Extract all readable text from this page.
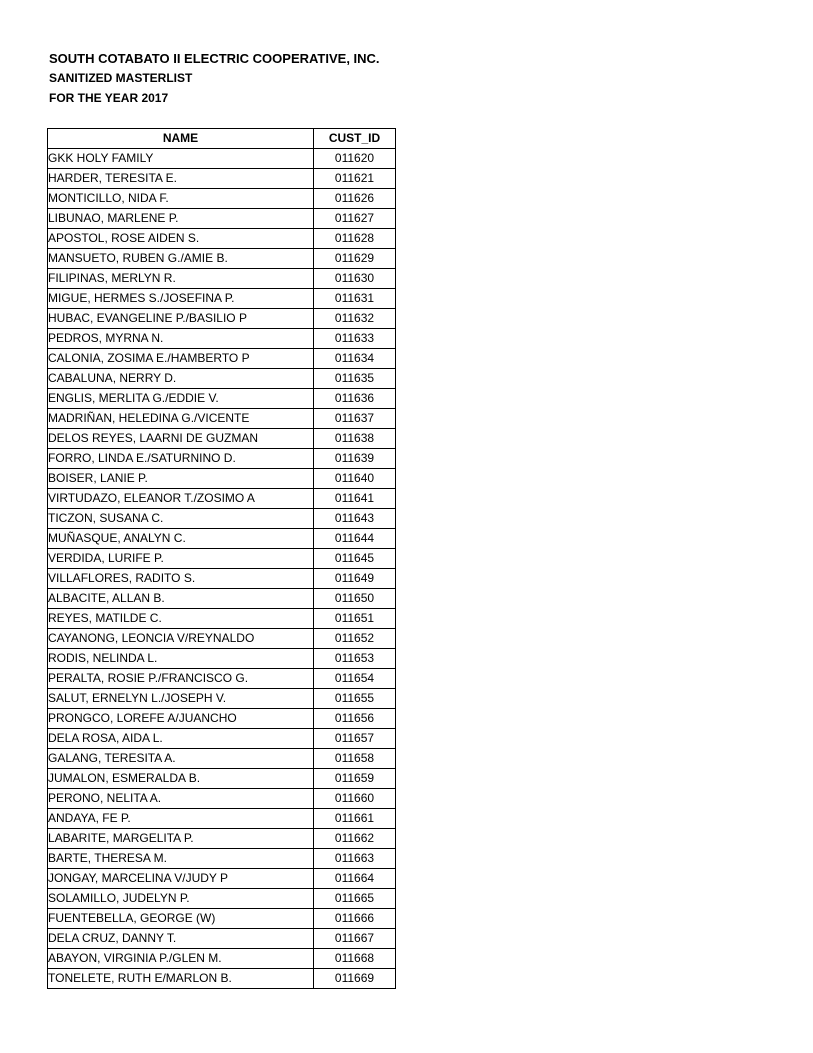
SOUTH COTABATO II ELECTRIC COOPERATIVE, INC.
SANITIZED MASTERLIST
FOR THE YEAR 2017
NAME	CUST_ID
GKK HOLY FAMILY	011620
HARDER, TERESITA E.	011621
MONTICILLO, NIDA F.	011626
LIBUNAO, MARLENE P.	011627
APOSTOL, ROSE AIDEN S.	011628
MANSUETO, RUBEN G./AMIE B.	011629
FILIPINAS, MERLYN R.	011630
MIGUE, HERMES S./JOSEFINA P.	011631
HUBAC, EVANGELINE P./BASILIO P	011632
PEDROS, MYRNA N.	011633
CALONIA, ZOSIMA E./HAMBERTO P	011634
CABALUNA, NERRY D.	011635
ENGLIS, MERLITA G./EDDIE V.	011636
MADRIÑAN, HELEDINA G./VICENTE	011637
DELOS REYES, LAARNI DE GUZMAN	011638
FORRO, LINDA E./SATURNINO D.	011639
BOISER, LANIE P.	011640
VIRTUDAZO, ELEANOR T./ZOSIMO A	011641
TICZON, SUSANA C.	011643
MUÑASQUE, ANALYN C.	011644
VERDIDA, LURIFE P.	011645
VILLAFLORES, RADITO S.	011649
ALBACITE, ALLAN B.	011650
REYES, MATILDE C.	011651
CAYANONG, LEONCIA V/REYNALDO	011652
RODIS, NELINDA L.	011653
PERALTA, ROSIE P./FRANCISCO G.	011654
SALUT, ERNELYN L./JOSEPH V.	011655
PRONGCO, LOREFE A/JUANCHO	011656
DELA ROSA, AIDA L.	011657
GALANG, TERESITA A.	011658
JUMALON, ESMERALDA B.	011659
PERONO, NELITA A.	011660
ANDAYA, FE P.	011661
LABARITE, MARGELITA P.	011662
BARTE, THERESA M.	011663
JONGAY, MARCELINA V/JUDY P	011664
SOLAMILLO, JUDELYN P.	011665
FUENTEBELLA, GEORGE (W)	011666
DELA CRUZ, DANNY T.	011667
ABAYON, VIRGINIA P./GLEN M.	011668
TONELETE, RUTH E/MARLON B.	011669
